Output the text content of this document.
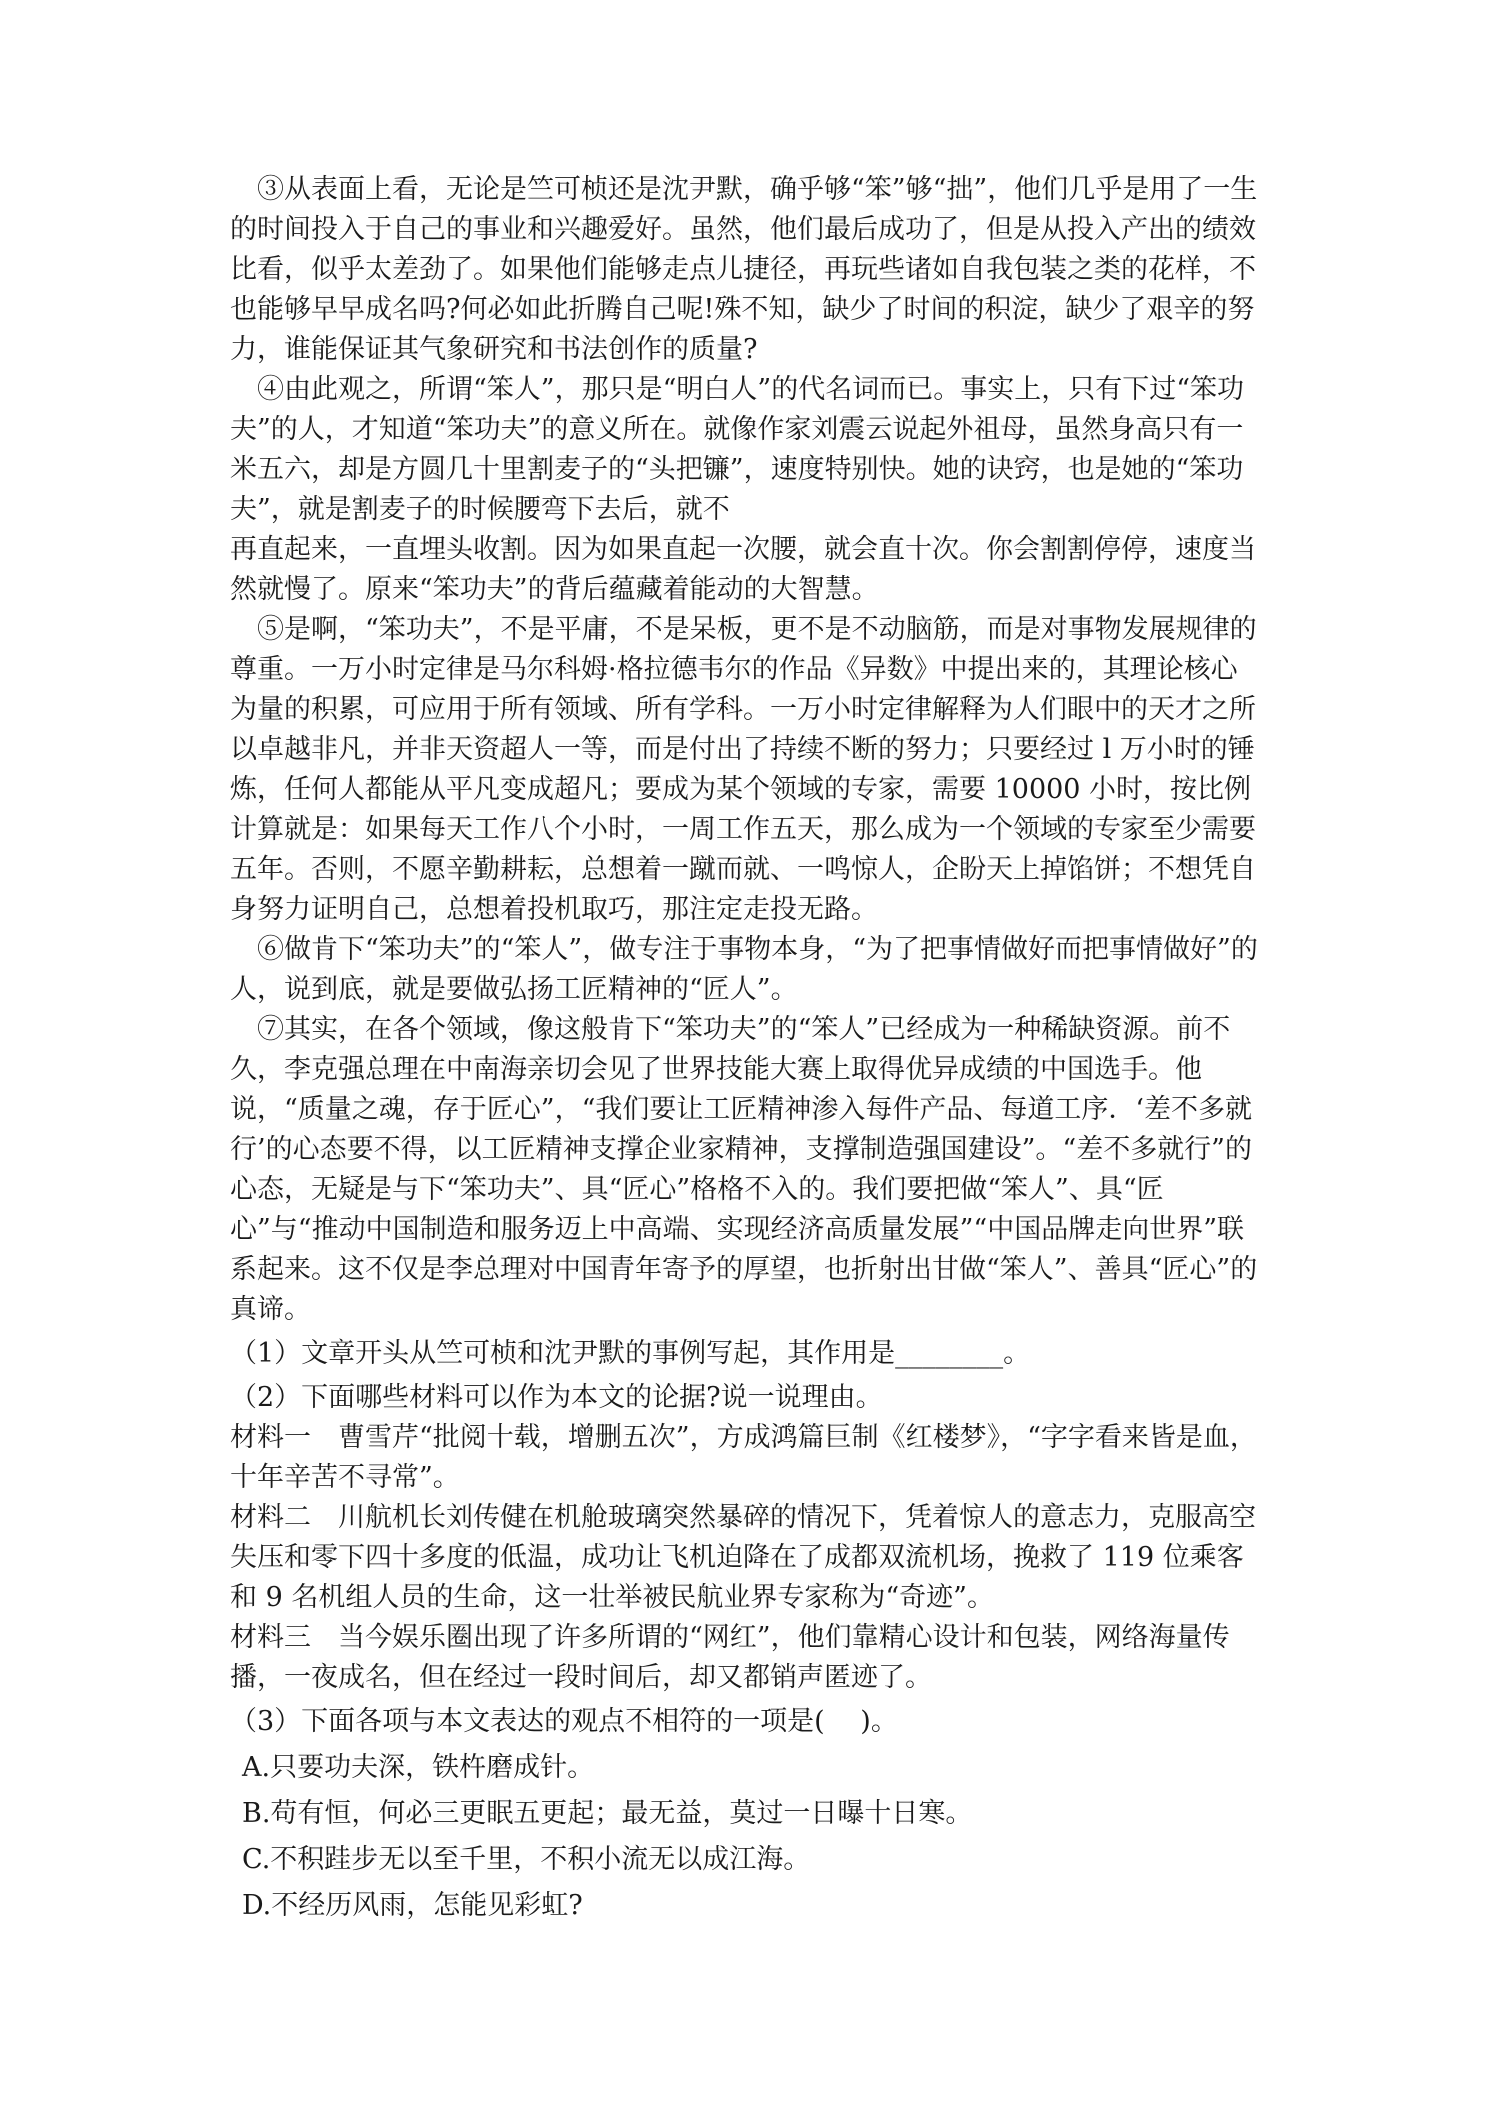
③从表面上看，无论是竺可桢还是沈尹默，确乎够“笨”够“拙”，他们几乎是用了一生的时间投入于自己的事业和兴趣爱好。虽然，他们最后成功了，但是从投入产出的绩效比看，似乎太差劲了。如果他们能够走点儿捷径，再玩些诸如自我包装之类的花样，不也能够早早成名吗?何必如此折腾自己呢!殊不知，缺少了时间的积淀，缺少了艰辛的努力，谁能保证其气象研究和书法创作的质量?

④由此观之，所谓“笨人”，那只是“明白人”的代名词而已。事实上，只有下过“笨功夫”的人，才知道“笨功夫”的意义所在。就像作家刘震云说起外祖母，虽然身高只有一米五六，却是方圆几十里割麦子的“头把镰”，速度特别快。她的诀窍，也是她的“笨功夫”，就是割麦子的时候腰弯下去后，就不

再直起来，一直埋头收割。因为如果直起一次腰，就会直十次。你会割割停停，速度当然就慢了。原来“笨功夫”的背后蕴藏着能动的大智慧。

⑤是啊，“笨功夫”，不是平庸，不是呆板，更不是不动脑筋，而是对事物发展规律的尊重。一万小时定律是马尔科姆·格拉德韦尔的作品《异数》中提出来的，其理论核心为量的积累，可应用于所有领域、所有学科。一万小时定律解释为人们眼中的天才之所以卓越非凡，并非天资超人一等，而是付出了持续不断的努力；只要经过 l 万小时的锤炼，任何人都能从平凡变成超凡；要成为某个领域的专家，需要 10000 小时，按比例计算就是：如果每天工作八个小时，一周工作五天，那么成为一个领域的专家至少需要五年。否则，不愿辛勤耕耘，总想着一蹴而就、一鸣惊人，企盼天上掉馅饼；不想凭自身努力证明自己，总想着投机取巧，那注定走投无路。

⑥做肯下“笨功夫”的“笨人”，做专注于事物本身，“为了把事情做好而把事情做好”的人，说到底，就是要做弘扬工匠精神的“匠人”。

⑦其实，在各个领域，像这般肯下“笨功夫”的“笨人”已经成为一种稀缺资源。前不久，李克强总理在中南海亲切会见了世界技能大赛上取得优异成绩的中国选手。他说，“质量之魂，存于匠心”，“我们要让工匠精神渗入每件产品、每道工序．‘差不多就行’的心态要不得，以工匠精神支撑企业家精神，支撑制造强国建设”。“差不多就行”的心态，无疑是与下“笨功夫”、具“匠心”格格不入的。我们要把做“笨人”、具“匠心”与“推动中国制造和服务迈上中高端、实现经济高质量发展”“中国品牌走向世界”联系起来。这不仅是李总理对中国青年寄予的厚望，也折射出甘做“笨人”、善具“匠心”的真谛。

（1）文章开头从竺可桢和沈尹默的事例写起，其作用是________。

（2）下面哪些材料可以作为本文的论据?说一说理由。

材料一　曹雪芹“批阅十载，增删五次”，方成鸿篇巨制《红楼梦》，“字字看来皆是血，十年辛苦不寻常”。

材料二　川航机长刘传健在机舱玻璃突然暴碎的情况下，凭着惊人的意志力，克服高空失压和零下四十多度的低温，成功让飞机迫降在了成都双流机场，挽救了 119 位乘客和 9 名机组人员的生命，这一壮举被民航业界专家称为“奇迹”。

材料三　当今娱乐圈出现了许多所谓的“网红”，他们靠精心设计和包装，网络海量传播，一夜成名，但在经过一段时间后，却又都销声匿迹了。

（3）下面各项与本文表达的观点不相符的一项是(　 )。

A.只要功夫深，铁杵磨成针。

B.苟有恒，何必三更眠五更起；最无益，莫过一日曝十日寒。

C.不积跬步无以至千里，不积小流无以成江海。

D.不经历风雨，怎能见彩虹?
